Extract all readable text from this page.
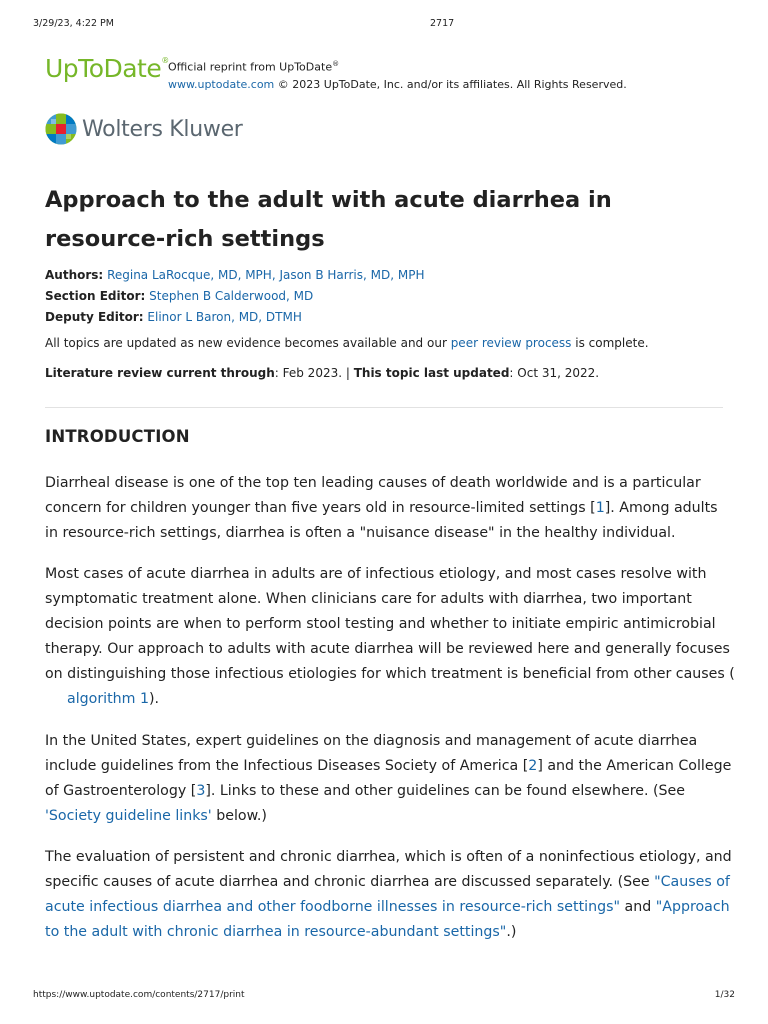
3/29/23, 4:22 PM	2717
UpToDate®
Official reprint from UpToDate®
www.uptodate.com © 2023 UpToDate, Inc. and/or its affiliates. All Rights Reserved.
Wolters Kluwer
Approach to the adult with acute diarrhea in resource-rich settings
Authors: Regina LaRocque, MD, MPH, Jason B Harris, MD, MPH
Section Editor: Stephen B Calderwood, MD
Deputy Editor: Elinor L Baron, MD, DTMH
All topics are updated as new evidence becomes available and our peer review process is complete.
Literature review current through: Feb 2023. | This topic last updated: Oct 31, 2022.
INTRODUCTION

Diarrheal disease is one of the top ten leading causes of death worldwide and is a particular concern for children younger than five years old in resource-limited settings [1]. Among adults in resource-rich settings, diarrhea is often a "nuisance disease" in the healthy individual.

Most cases of acute diarrhea in adults are of infectious etiology, and most cases resolve with symptomatic treatment alone. When clinicians care for adults with diarrhea, two important decision points are when to perform stool testing and whether to initiate empiric antimicrobial therapy. Our approach to adults with acute diarrhea will be reviewed here and generally focuses on distinguishing those infectious etiologies for which treatment is beneficial from other causes (algorithm 1).

In the United States, expert guidelines on the diagnosis and management of acute diarrhea include guidelines from the Infectious Diseases Society of America [2] and the American College of Gastroenterology [3]. Links to these and other guidelines can be found elsewhere. (See 'Society guideline links' below.)

The evaluation of persistent and chronic diarrhea, which is often of a noninfectious etiology, and specific causes of acute diarrhea and chronic diarrhea are discussed separately. (See "Causes of acute infectious diarrhea and other foodborne illnesses in resource-rich settings" and "Approach to the adult with chronic diarrhea in resource-abundant settings".)

https://www.uptodate.com/contents/2717/print	1/32
